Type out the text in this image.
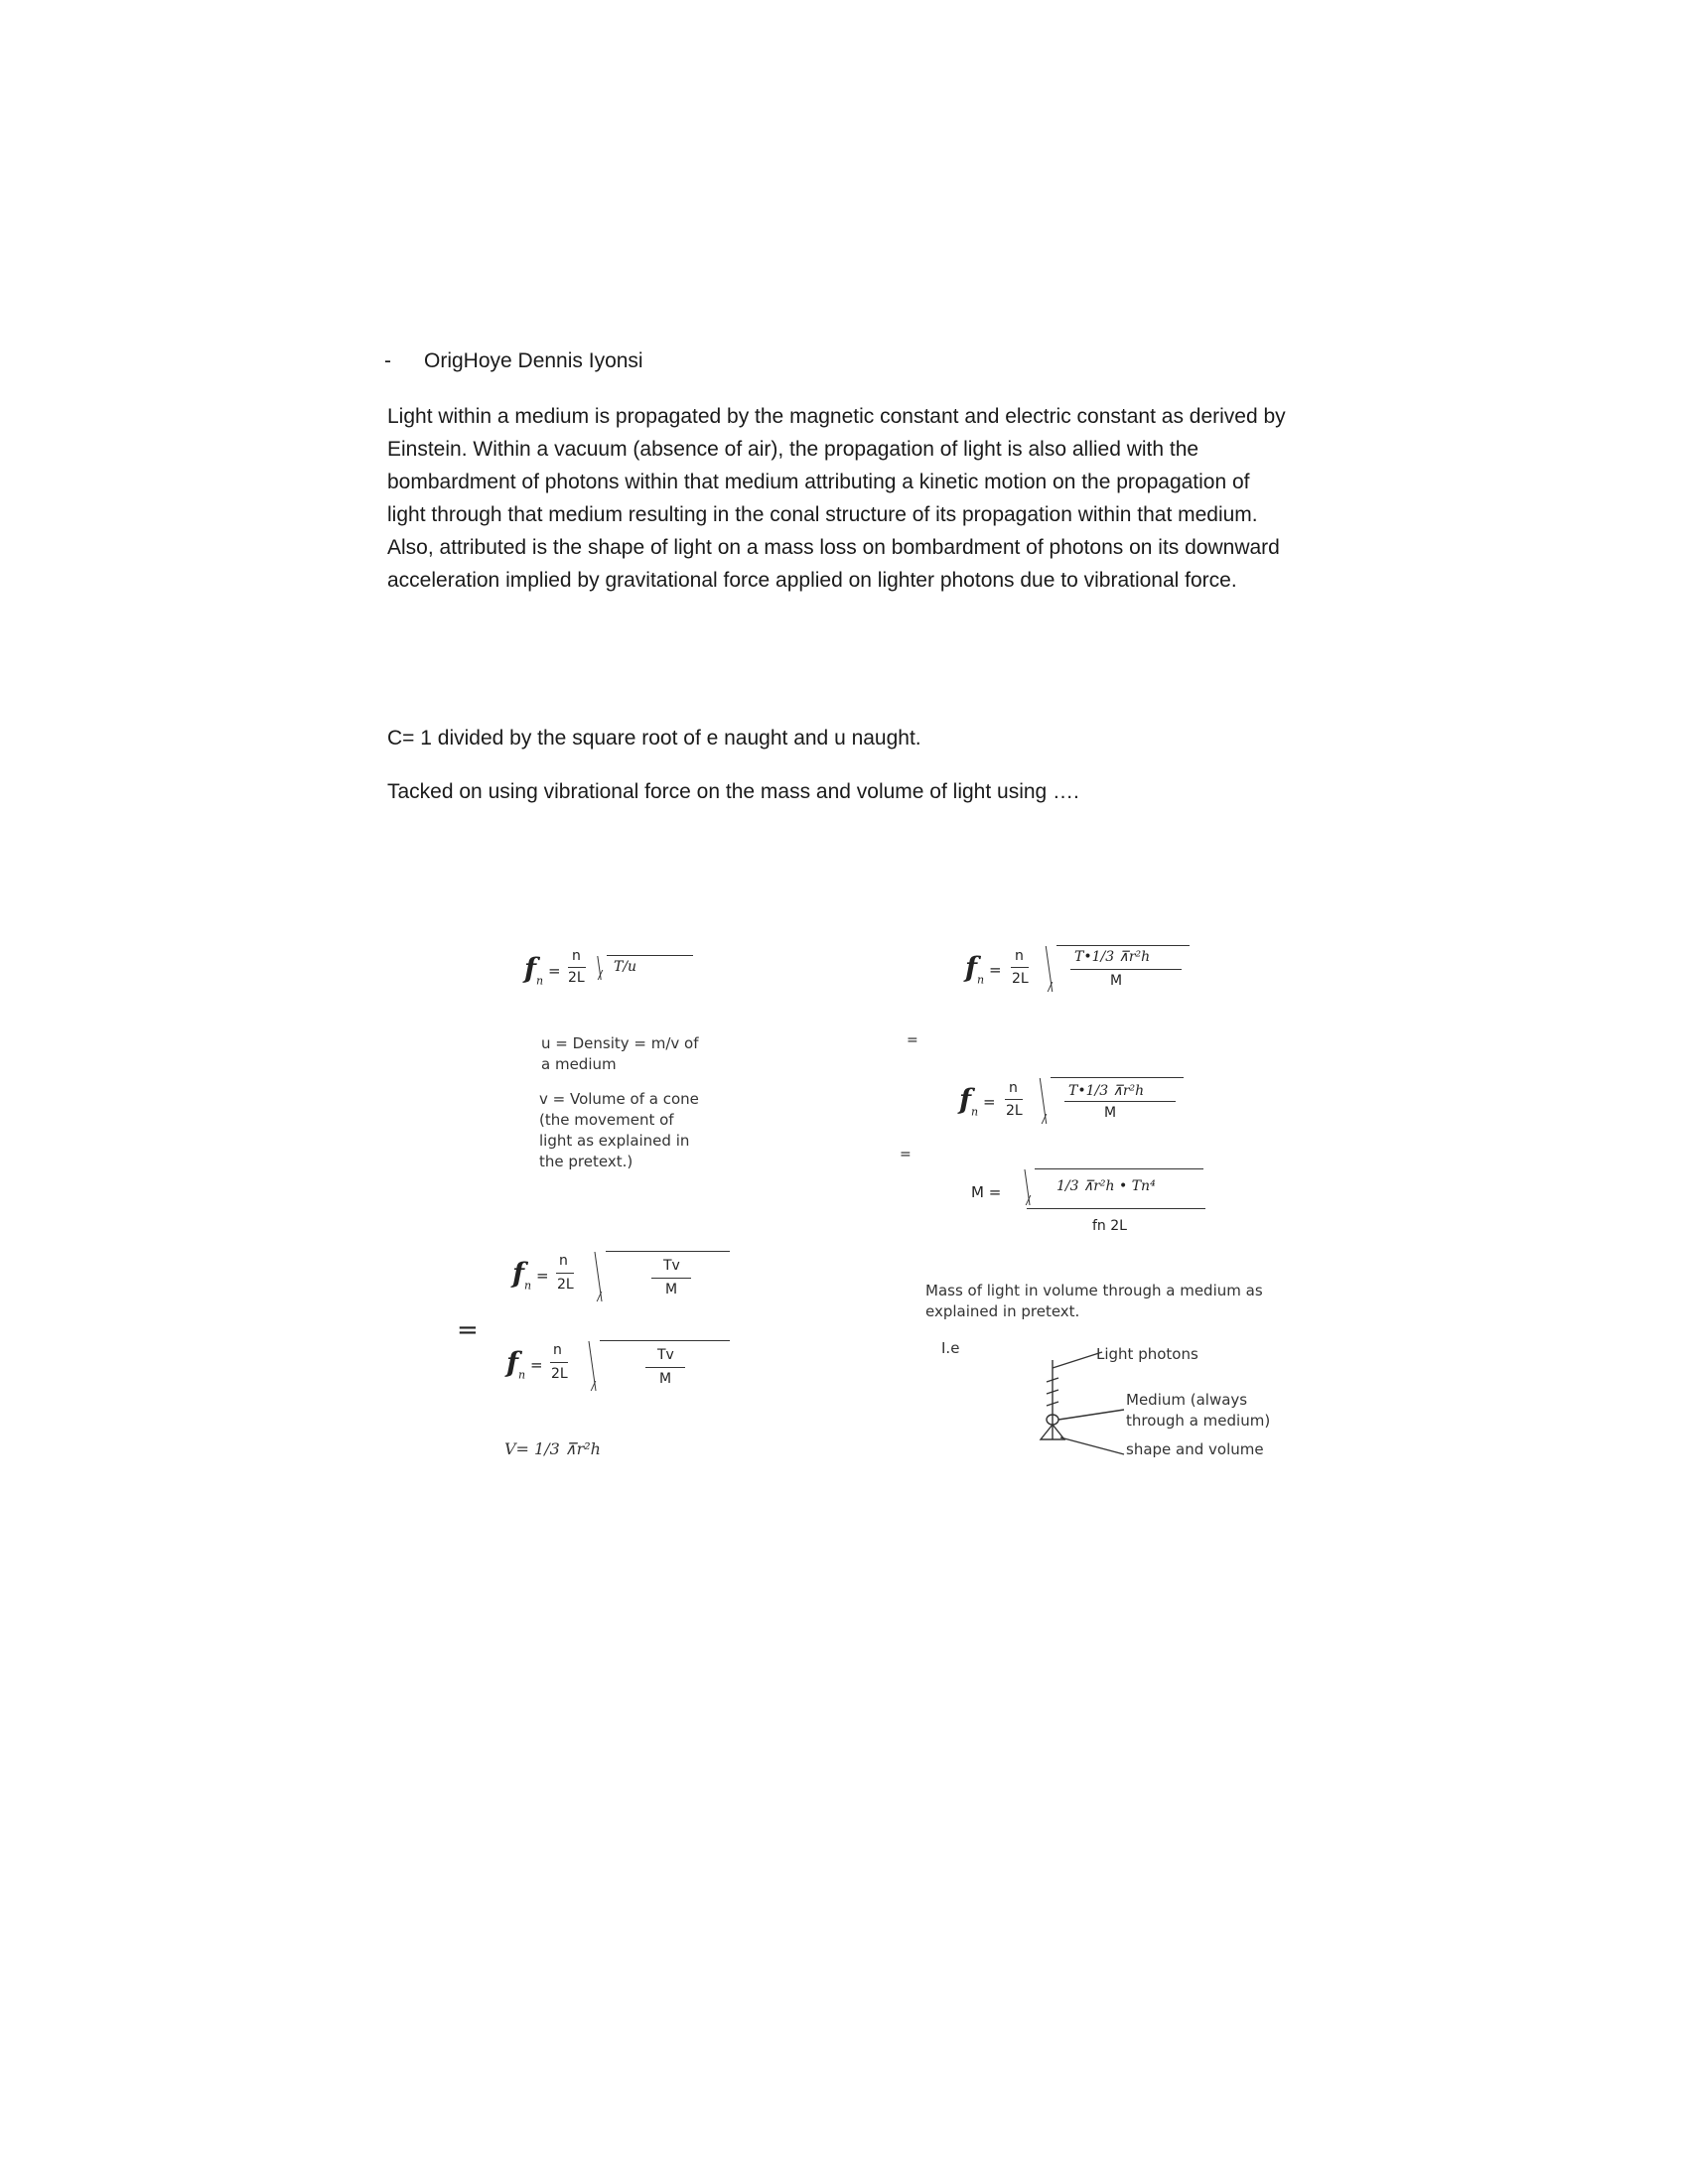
- OrigHoye Dennis Iyonsi
Light within a medium is propagated by the magnetic constant and electric constant as derived by
Einstein. Within a vacuum (absence of air), the propagation of light is also allied with the
bombardment of photons within that medium attributing a kinetic motion on the propagation of
light through that medium resulting in the conal structure of its propagation within that medium.
Also, attributed is the shape of light on a mass loss on bombardment of photons on its downward
acceleration implied by gravitational force applied on lighter photons due to vibrational force.
C= 1 divided by the square root of e naught and u naught.
Tacked on using vibrational force on the mass and volume of light using ….
$f_n$
=
n
2L
T/u
u = Density = m/v of a medium
v = Volume of a cone (the movement of light as explained in the pretext.)
$f_n$
=
n
2L
Tv
M
=
$f_n$
=
n
2L
Tv
M
V= 1/3 ⊼r²h
=
=
$f_n$
=
n
2L
T•1/3 ⊼r²h
M
$f_n$
=
n
2L
T•1/3 ⊼r²h
M
M =	1/3 ⊼r²h • Tn⁴
fn 2L
Mass of light in volume through a medium as explained in pretext.
I.e	Light photons
Medium (always through a medium)
shape and volume
